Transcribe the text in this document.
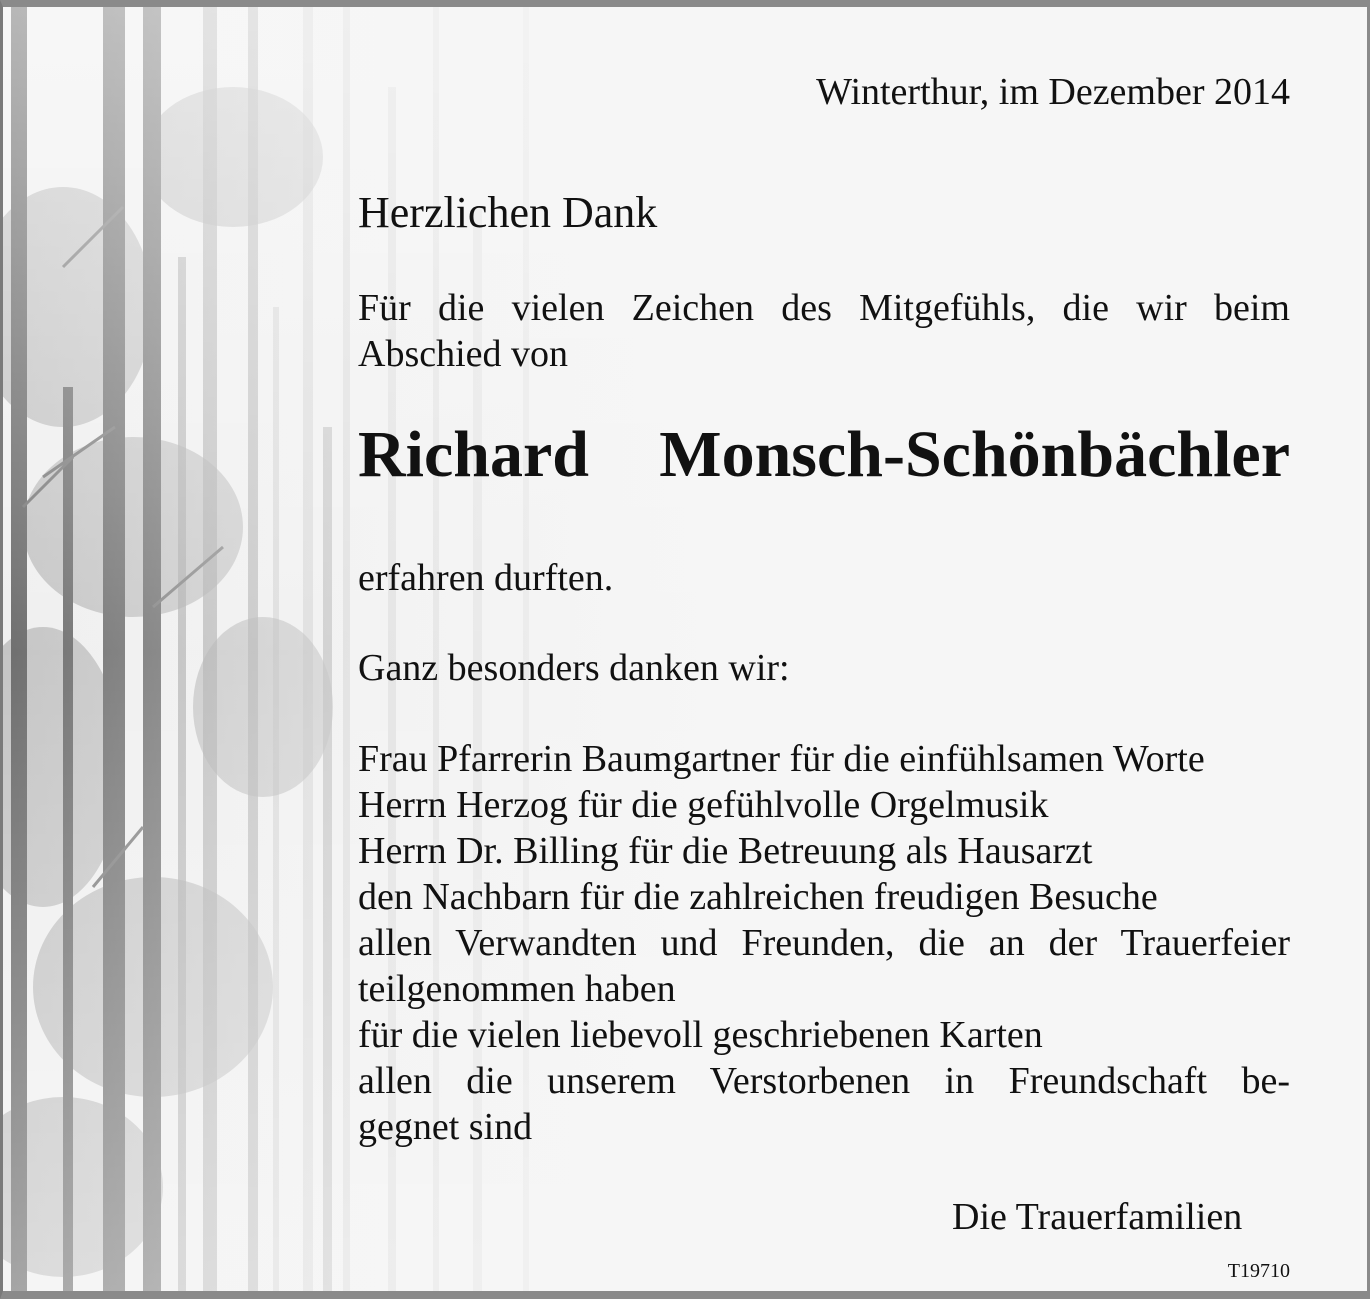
Winterthur, im Dezember 2014
Herzlichen Dank
Für die vielen Zeichen des Mitgefühls, die wir beim
Abschied von
Richard Monsch-Schönbächler
erfahren durften.
Ganz besonders danken wir:
Frau Pfarrerin Baumgartner für die einfühlsamen Worte
Herrn Herzog für die gefühlvolle Orgelmusik
Herrn Dr. Billing für die Betreuung als Hausarzt
den Nachbarn für die zahlreichen freudigen Besuche
allen Verwandten und Freunden, die an der Trauerfeier
teilgenommen haben
für die vielen liebevoll geschriebenen Karten
allen die unserem Verstorbenen in Freundschaft be-
gegnet sind
Die Trauerfamilien
T19710
